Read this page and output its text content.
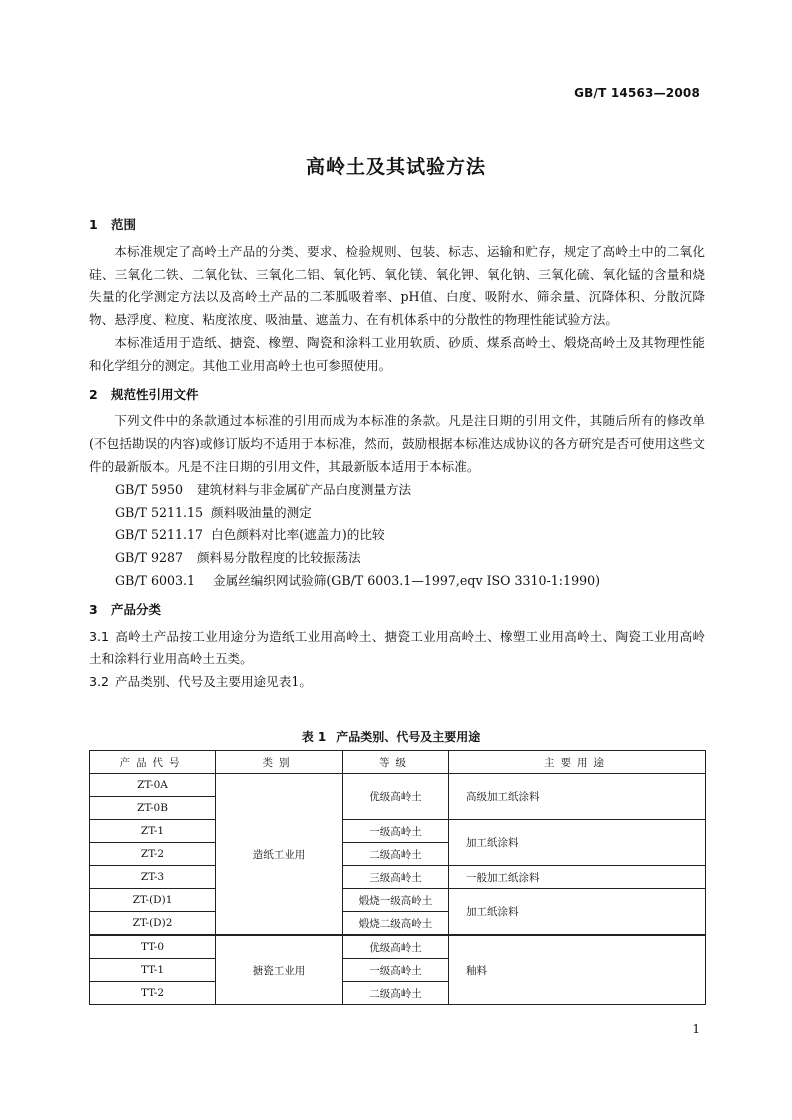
GB/T 14563—2008
高岭土及其试验方法

1 范围

本标准规定了高岭土产品的分类、要求、检验规则、包装、标志、运输和贮存，规定了高岭土中的二氧化硅、三氧化二铁、二氧化钛、三氧化二铝、氧化钙、氧化镁、氧化钾、氧化钠、三氧化硫、氧化锰的含量和烧失量的化学测定方法以及高岭土产品的二苯胍吸着率、pH值、白度、吸附水、筛余量、沉降体积、分散沉降物、悬浮度、粒度、粘度浓度、吸油量、遮盖力、在有机体系中的分散性的物理性能试验方法。

本标准适用于造纸、搪瓷、橡塑、陶瓷和涂料工业用软质、砂质、煤系高岭土、煅烧高岭土及其物理性能和化学组分的测定。其他工业用高岭土也可参照使用。

2 规范性引用文件

下列文件中的条款通过本标准的引用而成为本标准的条款。凡是注日期的引用文件，其随后所有的修改单(不包括勘误的内容)或修订版均不适用于本标准，然而，鼓励根据本标准达成协议的各方研究是否可使用这些文件的最新版本。凡是不注日期的引用文件，其最新版本适用于本标准。

GB/T 5950 建筑材料与非金属矿产品白度测量方法

GB/T 5211.15 颜料吸油量的测定

GB/T 5211.17 白色颜料对比率(遮盖力)的比较

GB/T 9287 颜料易分散程度的比较振荡法

GB/T 6003.1 金属丝编织网试验筛(GB/T 6003.1—1997,eqv ISO 3310-1:1990)

3 产品分类

3.1 高岭土产品按工业用途分为造纸工业用高岭土、搪瓷工业用高岭土、橡塑工业用高岭土、陶瓷工业用高岭土和涂料行业用高岭土五类。

3.2 产品类别、代号及主要用途见表1。

表 1 产品类别、代号及主要用途
产品代号	类别	等级	主要用途
ZT-0A	造纸工业用	优级高岭土	高级加工纸涂料
ZT-0B			
ZT-1		一级高岭土	加工纸涂料
ZT-2		二级高岭土	
ZT-3		三级高岭土	一般加工纸涂料
ZT-(D)1		煅烧一级高岭土	加工纸涂料
ZT-(D)2		煅烧二级高岭土	
TT-0	搪瓷工业用	优级高岭土	釉料
TT-1		一级高岭土	
TT-2		二级高岭土	
1
